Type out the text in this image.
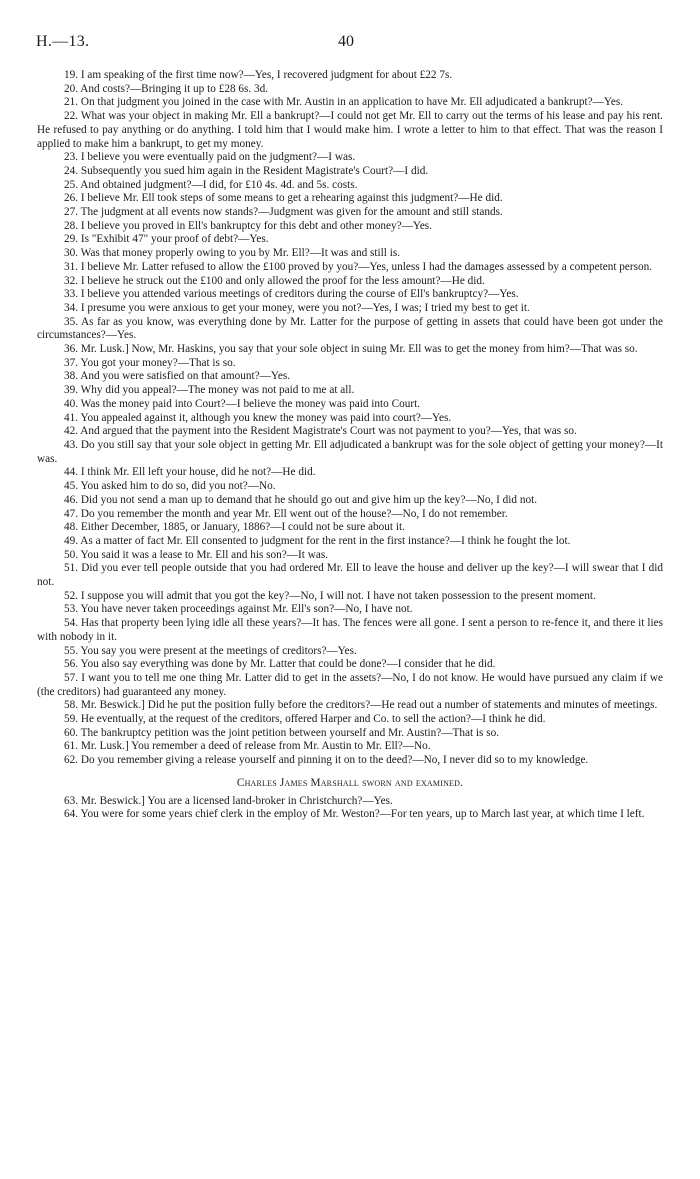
H.—13.	40

19. I am speaking of the first time now?—Yes, I recovered judgment for about £22 7s.

20. And costs?—Bringing it up to £28 6s. 3d.

21. On that judgment you joined in the case with Mr. Austin in an application to have Mr. Ell adjudicated a bankrupt?—Yes.

22. What was your object in making Mr. Ell a bankrupt?—I could not get Mr. Ell to carry out the terms of his lease and pay his rent. He refused to pay anything or do anything. I told him that I would make him. I wrote a letter to him to that effect. That was the reason I applied to make him a bankrupt, to get my money.

23. I believe you were eventually paid on the judgment?—I was.

24. Subsequently you sued him again in the Resident Magistrate's Court?—I did.

25. And obtained judgment?—I did, for £10 4s. 4d. and 5s. costs.

26. I believe Mr. Ell took steps of some means to get a rehearing against this judgment?—He did.

27. The judgment at all events now stands?—Judgment was given for the amount and still stands.

28. I believe you proved in Ell's bankruptcy for this debt and other money?—Yes.

29. Is "Exhibit 47" your proof of debt?—Yes.

30. Was that money properly owing to you by Mr. Ell?—It was and still is.

31. I believe Mr. Latter refused to allow the £100 proved by you?—Yes, unless I had the damages assessed by a competent person.

32. I believe he struck out the £100 and only allowed the proof for the less amount?—He did.

33. I believe you attended various meetings of creditors during the course of Ell's bankruptcy?—Yes.

34. I presume you were anxious to get your money, were you not?—Yes, I was; I tried my best to get it.

35. As far as you know, was everything done by Mr. Latter for the purpose of getting in assets that could have been got under the circumstances?—Yes.

36. Mr. Lusk.] Now, Mr. Haskins, you say that your sole object in suing Mr. Ell was to get the money from him?—That was so.

37. You got your money?—That is so.

38. And you were satisfied on that amount?—Yes.

39. Why did you appeal?—The money was not paid to me at all.

40. Was the money paid into Court?—I believe the money was paid into Court.

41. You appealed against it, although you knew the money was paid into court?—Yes.

42. And argued that the payment into the Resident Magistrate's Court was not payment to you?—Yes, that was so.

43. Do you still say that your sole object in getting Mr. Ell adjudicated a bankrupt was for the sole object of getting your money?—It was.

44. I think Mr. Ell left your house, did he not?—He did.

45. You asked him to do so, did you not?—No.

46. Did you not send a man up to demand that he should go out and give him up the key?—No, I did not.

47. Do you remember the month and year Mr. Ell went out of the house?—No, I do not remember.

48. Either December, 1885, or January, 1886?—I could not be sure about it.

49. As a matter of fact Mr. Ell consented to judgment for the rent in the first instance?—I think he fought the lot.

50. You said it was a lease to Mr. Ell and his son?—It was.

51. Did you ever tell people outside that you had ordered Mr. Ell to leave the house and deliver up the key?—I will swear that I did not.

52. I suppose you will admit that you got the key?—No, I will not. I have not taken possession to the present moment.

53. You have never taken proceedings against Mr. Ell's son?—No, I have not.

54. Has that property been lying idle all these years?—It has. The fences were all gone. I sent a person to re-fence it, and there it lies with nobody in it.

55. You say you were present at the meetings of creditors?—Yes.

56. You also say everything was done by Mr. Latter that could be done?—I consider that he did.

57. I want you to tell me one thing Mr. Latter did to get in the assets?—No, I do not know. He would have pursued any claim if we (the creditors) had guaranteed any money.

58. Mr. Beswick.] Did he put the position fully before the creditors?—He read out a number of statements and minutes of meetings.

59. He eventually, at the request of the creditors, offered Harper and Co. to sell the action?—I think he did.

60. The bankruptcy petition was the joint petition between yourself and Mr. Austin?—That is so.

61. Mr. Lusk.] You remember a deed of release from Mr. Austin to Mr. Ell?—No.

62. Do you remember giving a release yourself and pinning it on to the deed?—No, I never did so to my knowledge.

Charles James Marshall sworn and examined.

63. Mr. Beswick.] You are a licensed land-broker in Christchurch?—Yes.

64. You were for some years chief clerk in the employ of Mr. Weston?—For ten years, up to March last year, at which time I left.
